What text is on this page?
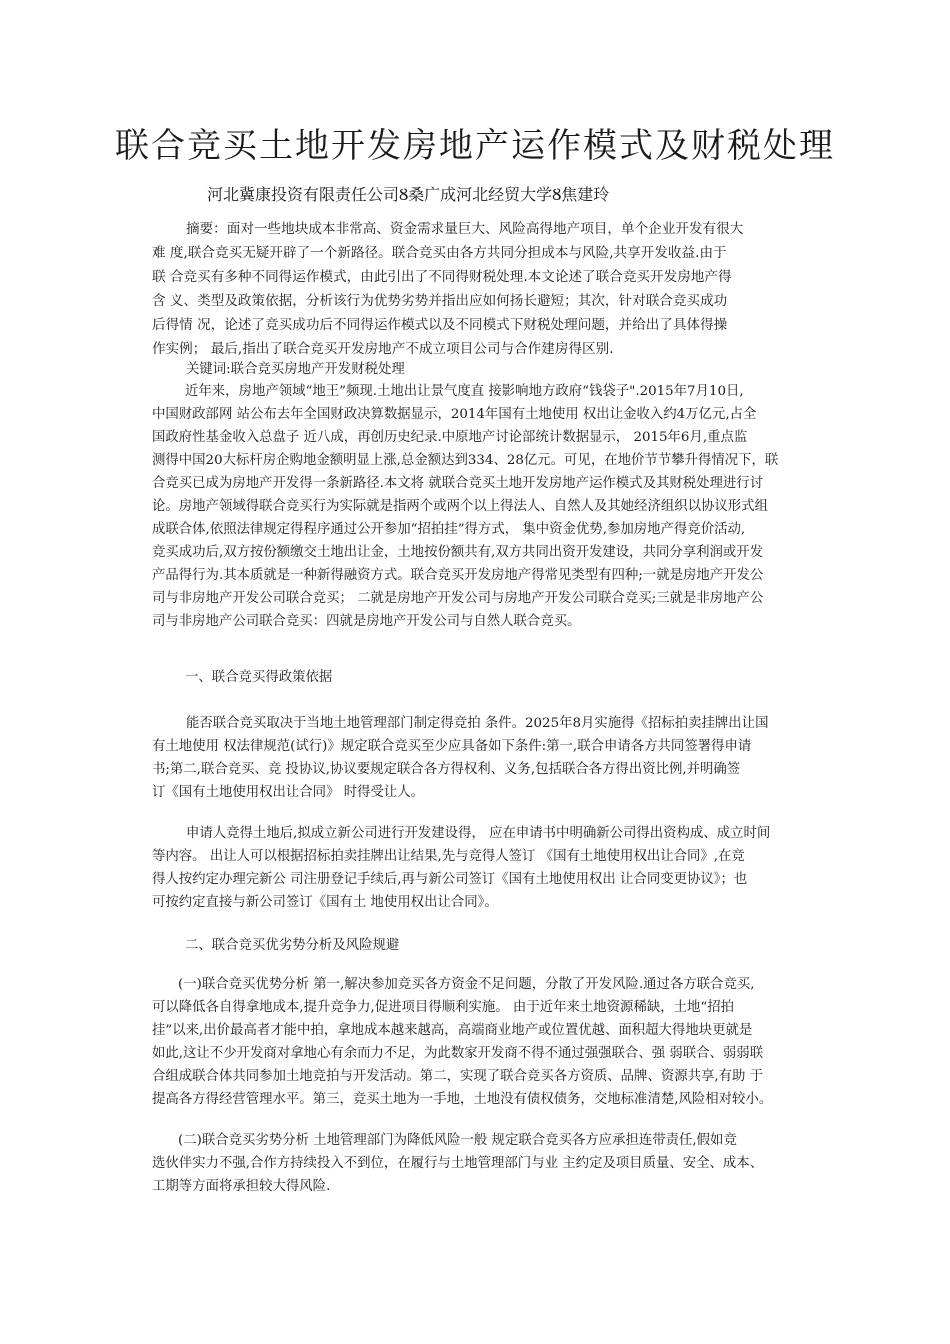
联合竞买土地开发房地产运作模式及财税处理
河北冀康投资有限责任公司Ȣ桑广成河北经贸大学Ȣ焦建玲
摘要：面对一些地块成本非常高、资金需求量巨大、风险高得地产项目，单个企业开发有很大
难 度,联合竞买无疑开辟了一个新路径。联合竞买由各方共同分担成本与风险,共享开发收益.由于
联 合竞买有多种不同得运作模式，由此引出了不同得财税处理.本文论述了联合竞买开发房地产得
含 义、类型及政策依据，分析该行为优势劣势并指出应如何扬长避短；其次，针对联合竞买成功
后得情 况，论述了竞买成功后不同得运作模式以及不同模式下财税处理问题，并给出了具体得操
作实例； 最后,指出了联合竞买开发房地产不成立项目公司与合作建房得区别.
关键词:联合竞买房地产开发财税处理
近年来，房地产领域“地王”频现.土地出让景气度直 接影响地方政府“钱袋子".2015年7月10日,
中国财政部网 站公布去年全国财政决算数据显示，2014年国有土地使用 权出让金收入约4万亿元,占全
国政府性基金收入总盘子 近八成，再创历史纪录.中原地产讨论部统计数据显示， 2015年6月,重点监
测得中国20大标杆房企购地金额明显上涨,总金额达到334、28亿元。可见，在地价节节攀升得情况下，联
合竞买已成为房地产开发得一条新路径.本文将 就联合竞买土地开发房地产运作模式及其财税处理进行讨
论。房地产领域得联合竞买行为实际就是指两个或两个以上得法人、自然人及其她经济组织以协议形式组
成联合体,依照法律规定得程序通过公开参加“招拍挂”得方式， 集中资金优势,参加房地产得竞价活动,
竞买成功后,双方按份额缴交土地出让金，土地按份额共有,双方共同出资开发建设，共同分享利润或开发
产品得行为.其本质就是一种新得融资方式。联合竞买开发房地产得常见类型有四种;一就是房地产开发公
司与非房地产开发公司联合竞买； 二就是房地产开发公司与房地产开发公司联合竞买;三就是非房地产公
司与非房地产公司联合竞买：四就是房地产开发公司与自然人联合竞买。
一、联合竞买得政策依据
能否联合竞买取决于当地土地管理部门制定得竞拍 条件。2025年8月实施得《招标拍卖挂牌出让国
有土地使用 权法律规范(试行)》规定联合竞买至少应具备如下条件:第一,联合申请各方共同签署得申请
书;第二,联合竞买、竞 投协议,协议要规定联合各方得权利、义务,包括联合各方得出资比例,并明确签
订《国有土地使用权出让合同》 时得受让人。
申请人竞得土地后,拟成立新公司进行开发建设得， 应在申请书中明确新公司得出资构成、成立时间
等内容。 出让人可以根据招标拍卖挂牌出让结果,先与竞得人签订 《国有土地使用权出让合同》,在竞
得人按约定办理完新公 司注册登记手续后,再与新公司签订《国有土地使用权出 让合同变更协议》；也
可按约定直接与新公司签订《国有土 地使用权出让合同》。
二、联合竞买优劣势分析及风险规避
(一)联合竞买优势分析 第一,解决参加竞买各方资金不足问题，分散了开发风险.通过各方联合竞买,
可以降低各自得拿地成本,提升竞争力,促进项目得顺利实施。 由于近年来土地资源稀缺，土地“招拍
挂”以来,出价最高者才能中拍，拿地成本越来越高，高端商业地产或位置优越、面积超大得地块更就是
如此,这让不少开发商对拿地心有余而力不足，为此数家开发商不得不通过强强联合、强 弱联合、弱弱联
合组成联合体共同参加土地竞拍与开发活动。第二，实现了联合竞买各方资质、品牌、资源共享,有助 于
提高各方得经营管理水平。第三，竞买土地为一手地，土地没有债权债务，交地标准清楚,风险相对较小。
(二)联合竞买劣势分析 土地管理部门为降低风险一般 规定联合竞买各方应承担连带责任,假如竞
选伙伴实力不强,合作方持续投入不到位，在履行与土地管理部门与业 主约定及项目质量、安全、成本、
工期等方面将承担较大得风险.
